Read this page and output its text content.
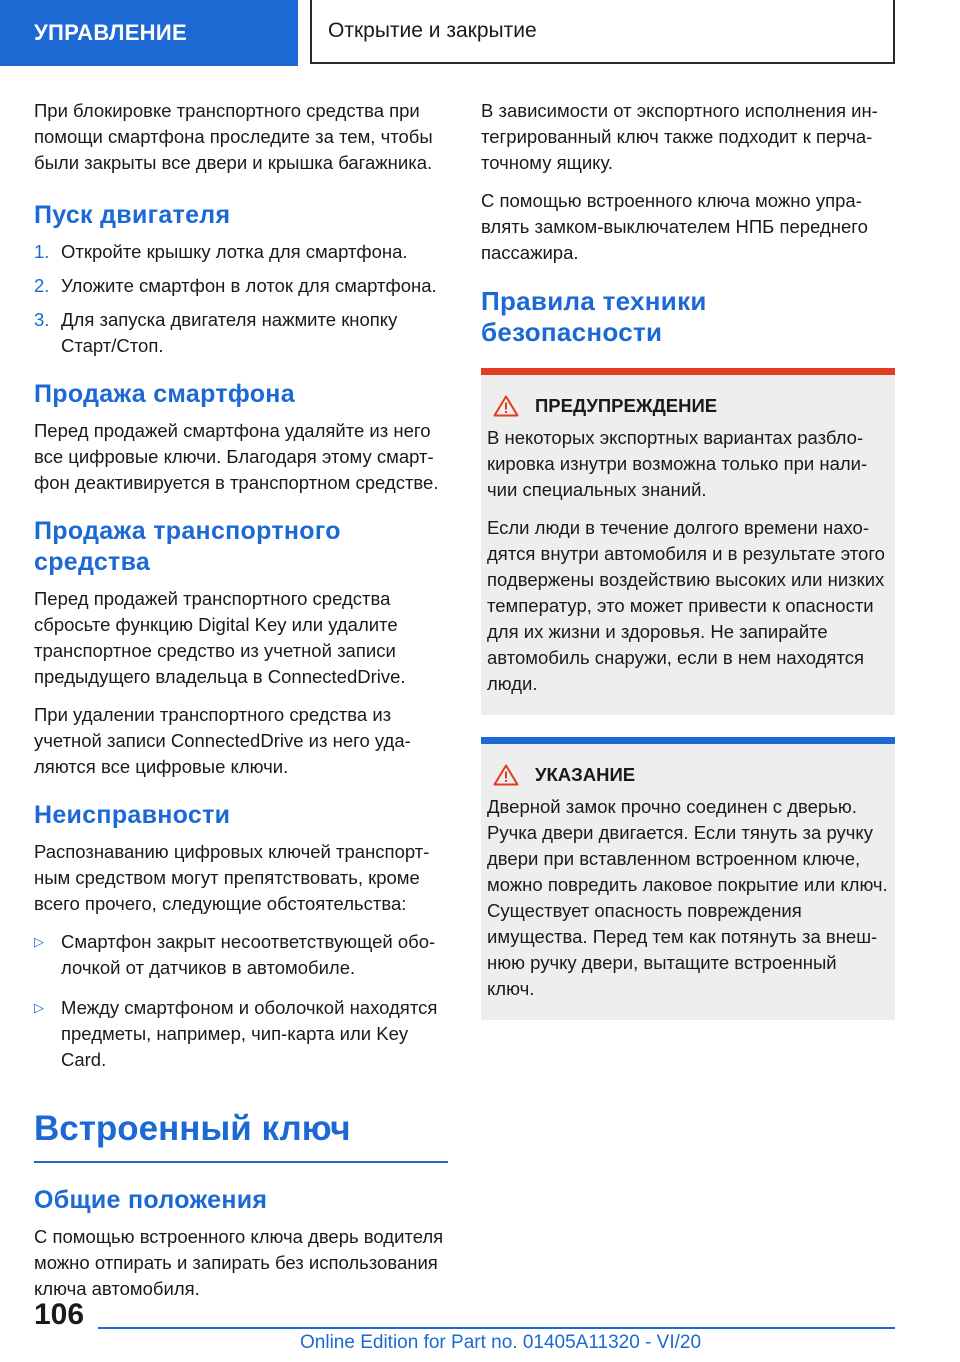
УПРАВЛЕНИЕ	Открытие и закрытие

При блокировке транспортного средства при помощи смартфона проследите за тем, чтобы были закрыты все двери и крышка багажника.

Пуск двигателя
1. Откройте крышку лотка для смартфона.
2. Уложите смартфон в лоток для смартфона.
3. Для запуска двигателя нажмите кнопку Старт/Стоп.
Продажа смартфона

Перед продажей смартфона удаляйте из него все цифровые ключи. Благодаря этому смартфон деактивируется в транспортном средстве.

Продажа транспортного средства

Перед продажей транспортного средства сбросьте функцию Digital Key или удалите транспортное средство из учетной записи предыдущего владельца в ConnectedDrive.

При удалении транспортного средства из учетной записи ConnectedDrive из него удаляются все цифровые ключи.

Неисправности

Распознаванию цифровых ключей транспортным средством могут препятствовать, кроме всего прочего, следующие обстоятельства:

▷ Смартфон закрыт несоответствующей оболочкой от датчиков в автомобиле.
▷ Между смартфоном и оболочкой находятся предметы, например, чип-карта или Key Card.
Встроенный ключ
Общие положения

С помощью встроенного ключа дверь водителя можно отпирать и запирать без использования ключа автомобиля.

В зависимости от экспортного исполнения интегрированный ключ также подходит к перчаточному ящику.

С помощью встроенного ключа можно управлять замком-выключателем НПБ переднего пассажира.

Правила техники безопасности
ПРЕДУПРЕЖДЕНИЕ

В некоторых экспортных вариантах разблокировка изнутри возможна только при наличии специальных знаний.

Если люди в течение долгого времени находятся внутри автомобиля и в результате этого подвержены воздействию высоких или низких температур, это может привести к опасности для их жизни и здоровья. Не запирайте автомобиль снаружи, если в нем находятся люди.

УКАЗАНИЕ

Дверной замок прочно соединен с дверью. Ручка двери двигается. Если тянуть за ручку двери при вставленном встроенном ключе, можно повредить лаковое покрытие или ключ. Существует опасность повреждения имущества. Перед тем как потянуть за внешнюю ручку двери, вытащите встроенный ключ.

106
Online Edition for Part no. 01405A11320 - VI/20
